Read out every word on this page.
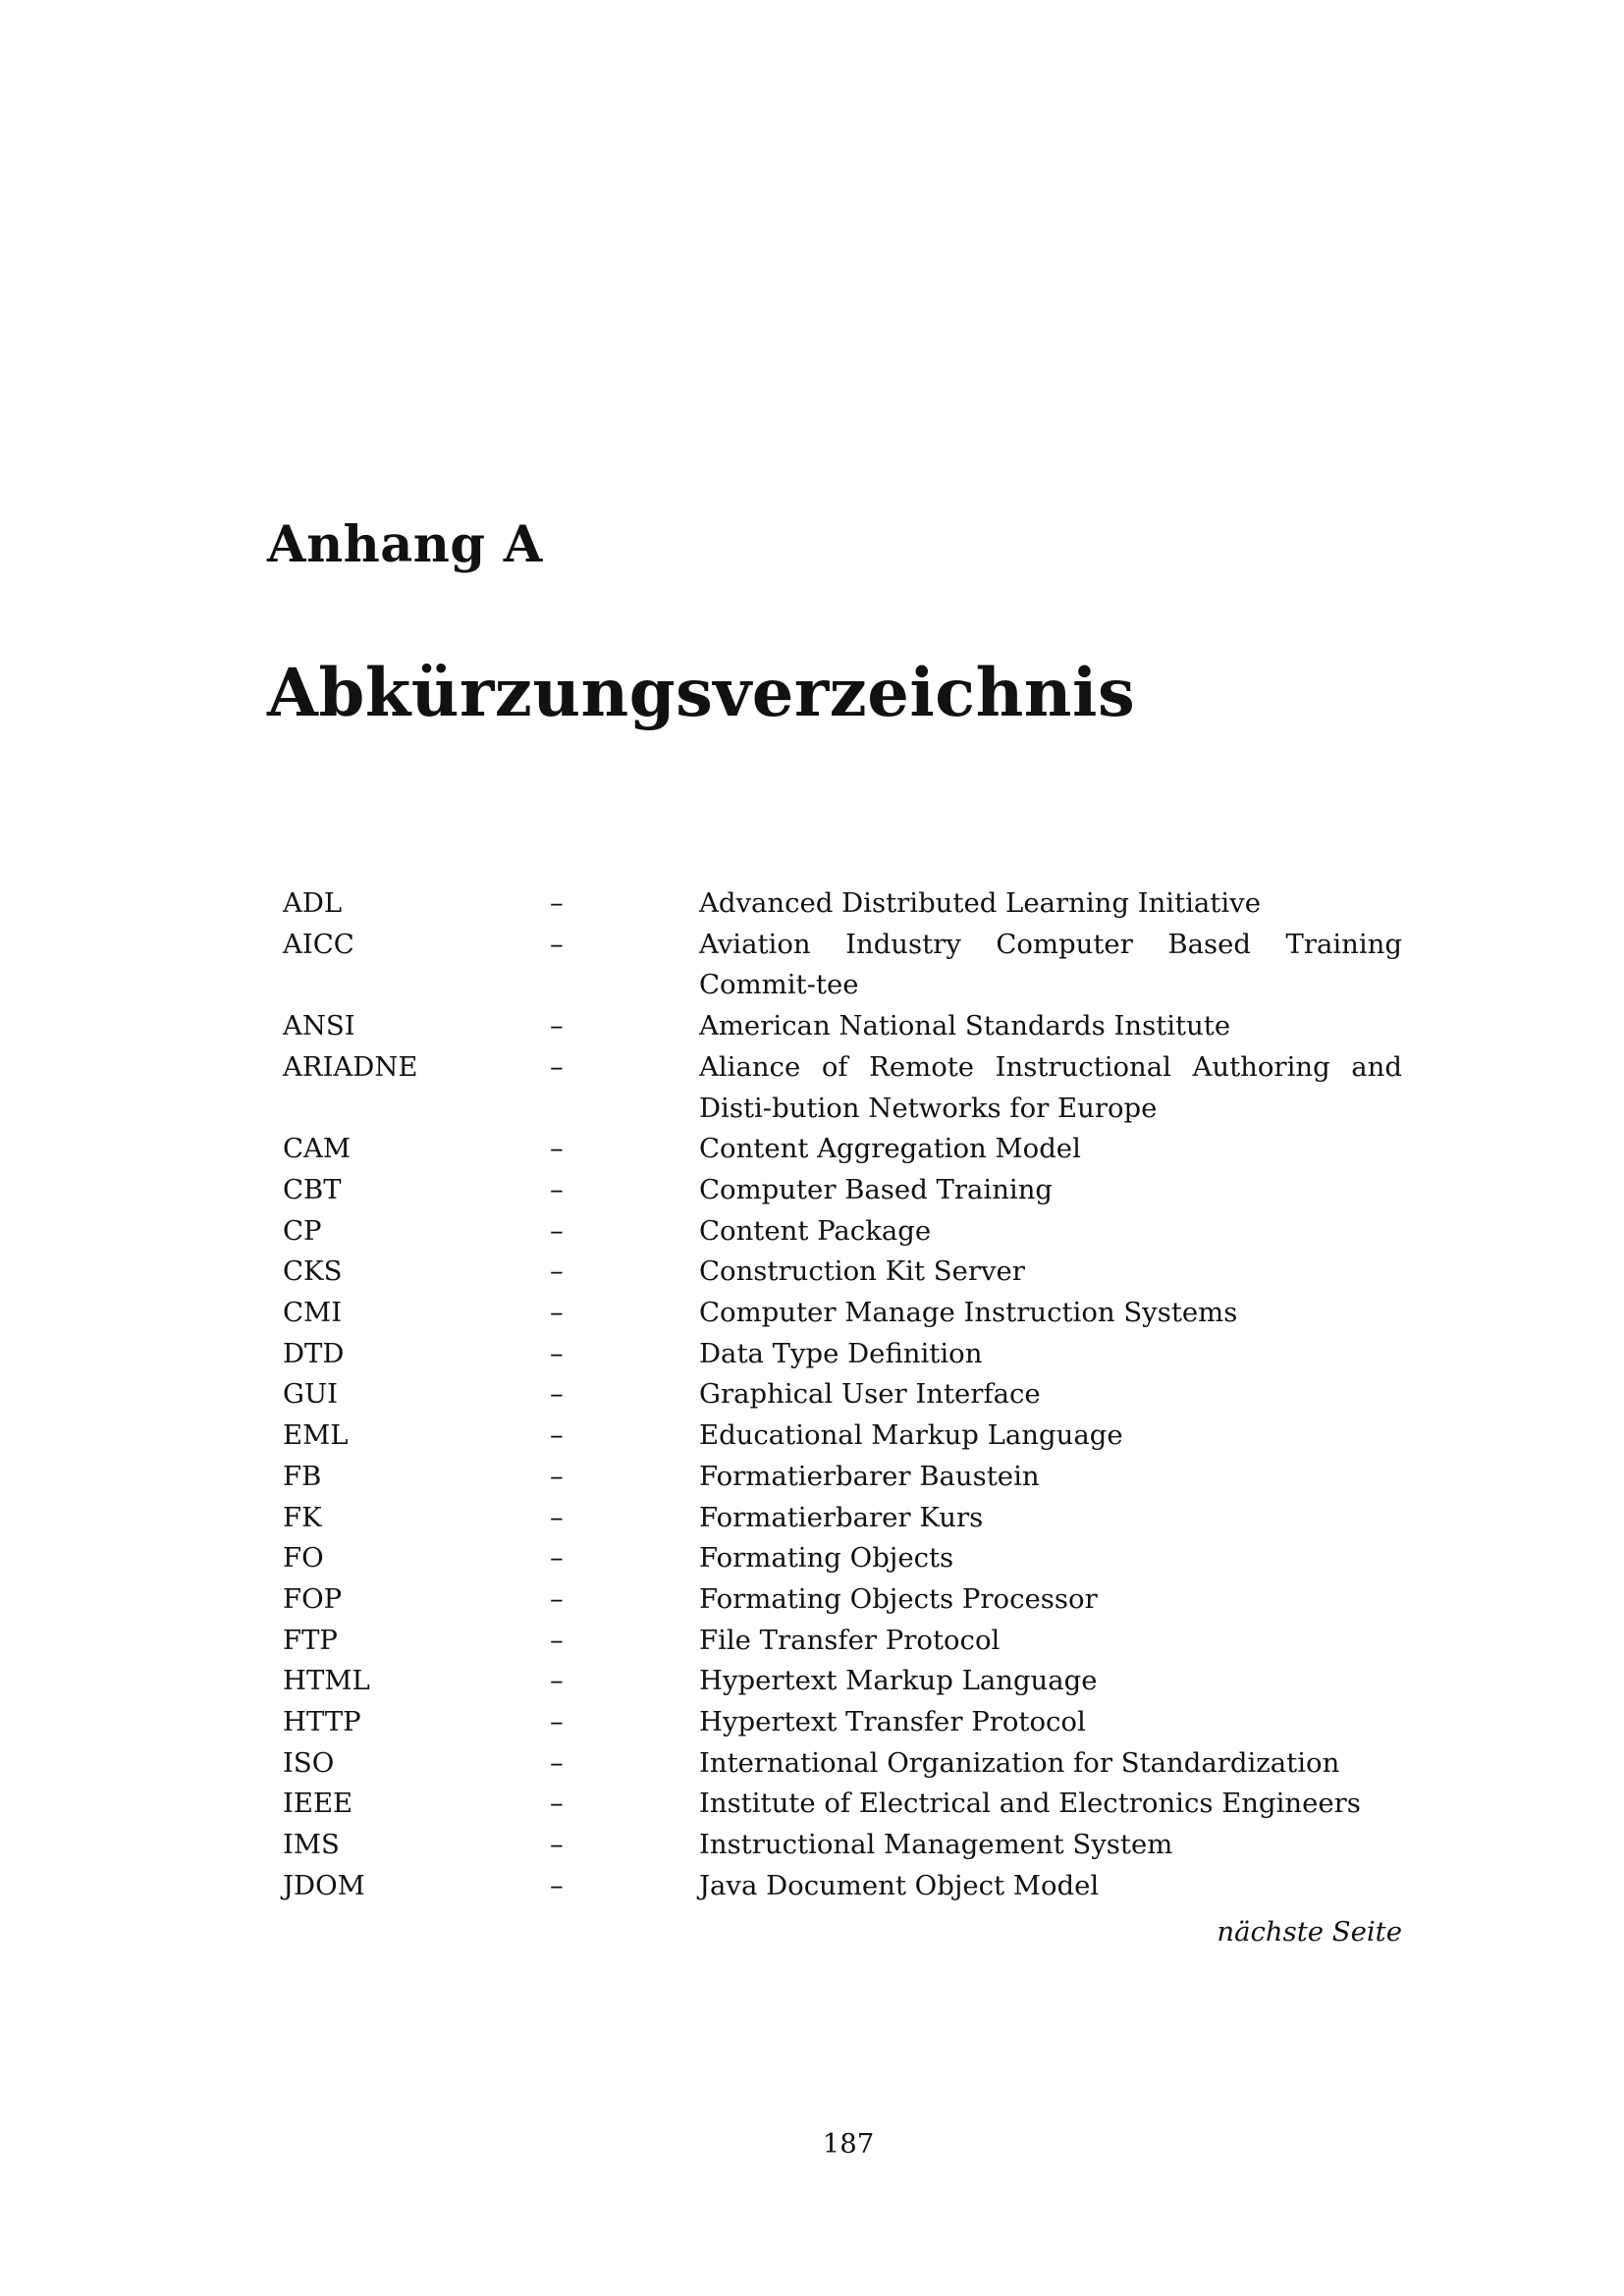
Anhang A
Abkürzungsverzeichnis
ADL	–	Advanced Distributed Learning Initiative
AICC	–	Aviation Industry Computer Based Training Commit-tee
ANSI	–	American National Standards Institute
ARIADNE	–	Aliance of Remote Instructional Authoring and Disti-bution Networks for Europe
CAM	–	Content Aggregation Model
CBT	–	Computer Based Training
CP	–	Content Package
CKS	–	Construction Kit Server
CMI	–	Computer Manage Instruction Systems
DTD	–	Data Type Definition
GUI	–	Graphical User Interface
EML	–	Educational Markup Language
FB	–	Formatierbarer Baustein
FK	–	Formatierbarer Kurs
FO	–	Formating Objects
FOP	–	Formating Objects Processor
FTP	–	File Transfer Protocol
HTML	–	Hypertext Markup Language
HTTP	–	Hypertext Transfer Protocol
ISO	–	International Organization for Standardization
IEEE	–	Institute of Electrical and Electronics Engineers
IMS	–	Instructional Management System
JDOM	–	Java Document Object Model
nächste Seite
187
